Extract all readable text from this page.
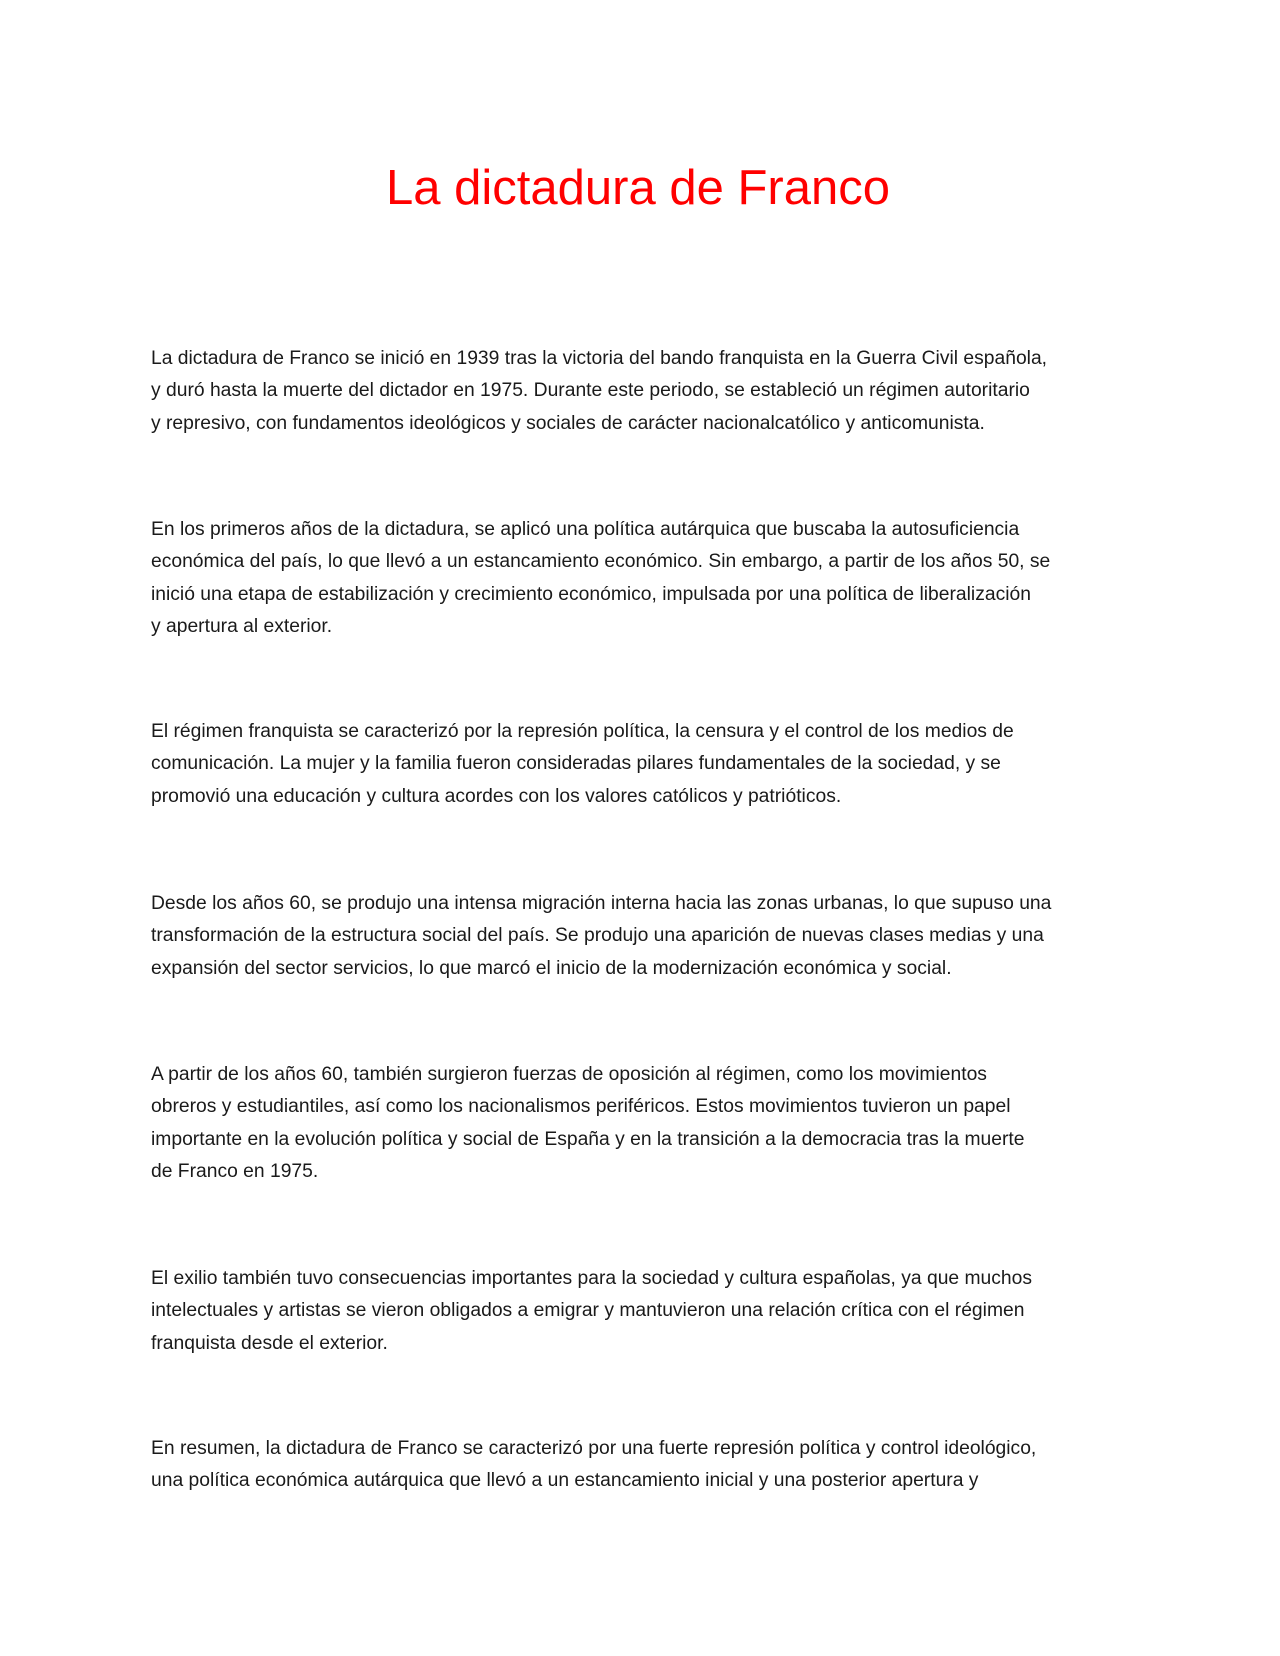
La dictadura de Franco
La dictadura de Franco se inició en 1939 tras la victoria del bando franquista en la Guerra Civil española,
y duró hasta la muerte del dictador en 1975. Durante este periodo, se estableció un régimen autoritario
y represivo, con fundamentos ideológicos y sociales de carácter nacionalcatólico y anticomunista.
En los primeros años de la dictadura, se aplicó una política autárquica que buscaba la autosuficiencia
económica del país, lo que llevó a un estancamiento económico. Sin embargo, a partir de los años 50, se
inició una etapa de estabilización y crecimiento económico, impulsada por una política de liberalización
y apertura al exterior.
El régimen franquista se caracterizó por la represión política, la censura y el control de los medios de
comunicación. La mujer y la familia fueron consideradas pilares fundamentales de la sociedad, y se
promovió una educación y cultura acordes con los valores católicos y patrióticos.
Desde los años 60, se produjo una intensa migración interna hacia las zonas urbanas, lo que supuso una
transformación de la estructura social del país. Se produjo una aparición de nuevas clases medias y una
expansión del sector servicios, lo que marcó el inicio de la modernización económica y social.
A partir de los años 60, también surgieron fuerzas de oposición al régimen, como los movimientos
obreros y estudiantiles, así como los nacionalismos periféricos. Estos movimientos tuvieron un papel
importante en la evolución política y social de España y en la transición a la democracia tras la muerte
de Franco en 1975.
El exilio también tuvo consecuencias importantes para la sociedad y cultura españolas, ya que muchos
intelectuales y artistas se vieron obligados a emigrar y mantuvieron una relación crítica con el régimen
franquista desde el exterior.
En resumen, la dictadura de Franco se caracterizó por una fuerte represión política y control ideológico,
una política económica autárquica que llevó a un estancamiento inicial y una posterior apertura y
